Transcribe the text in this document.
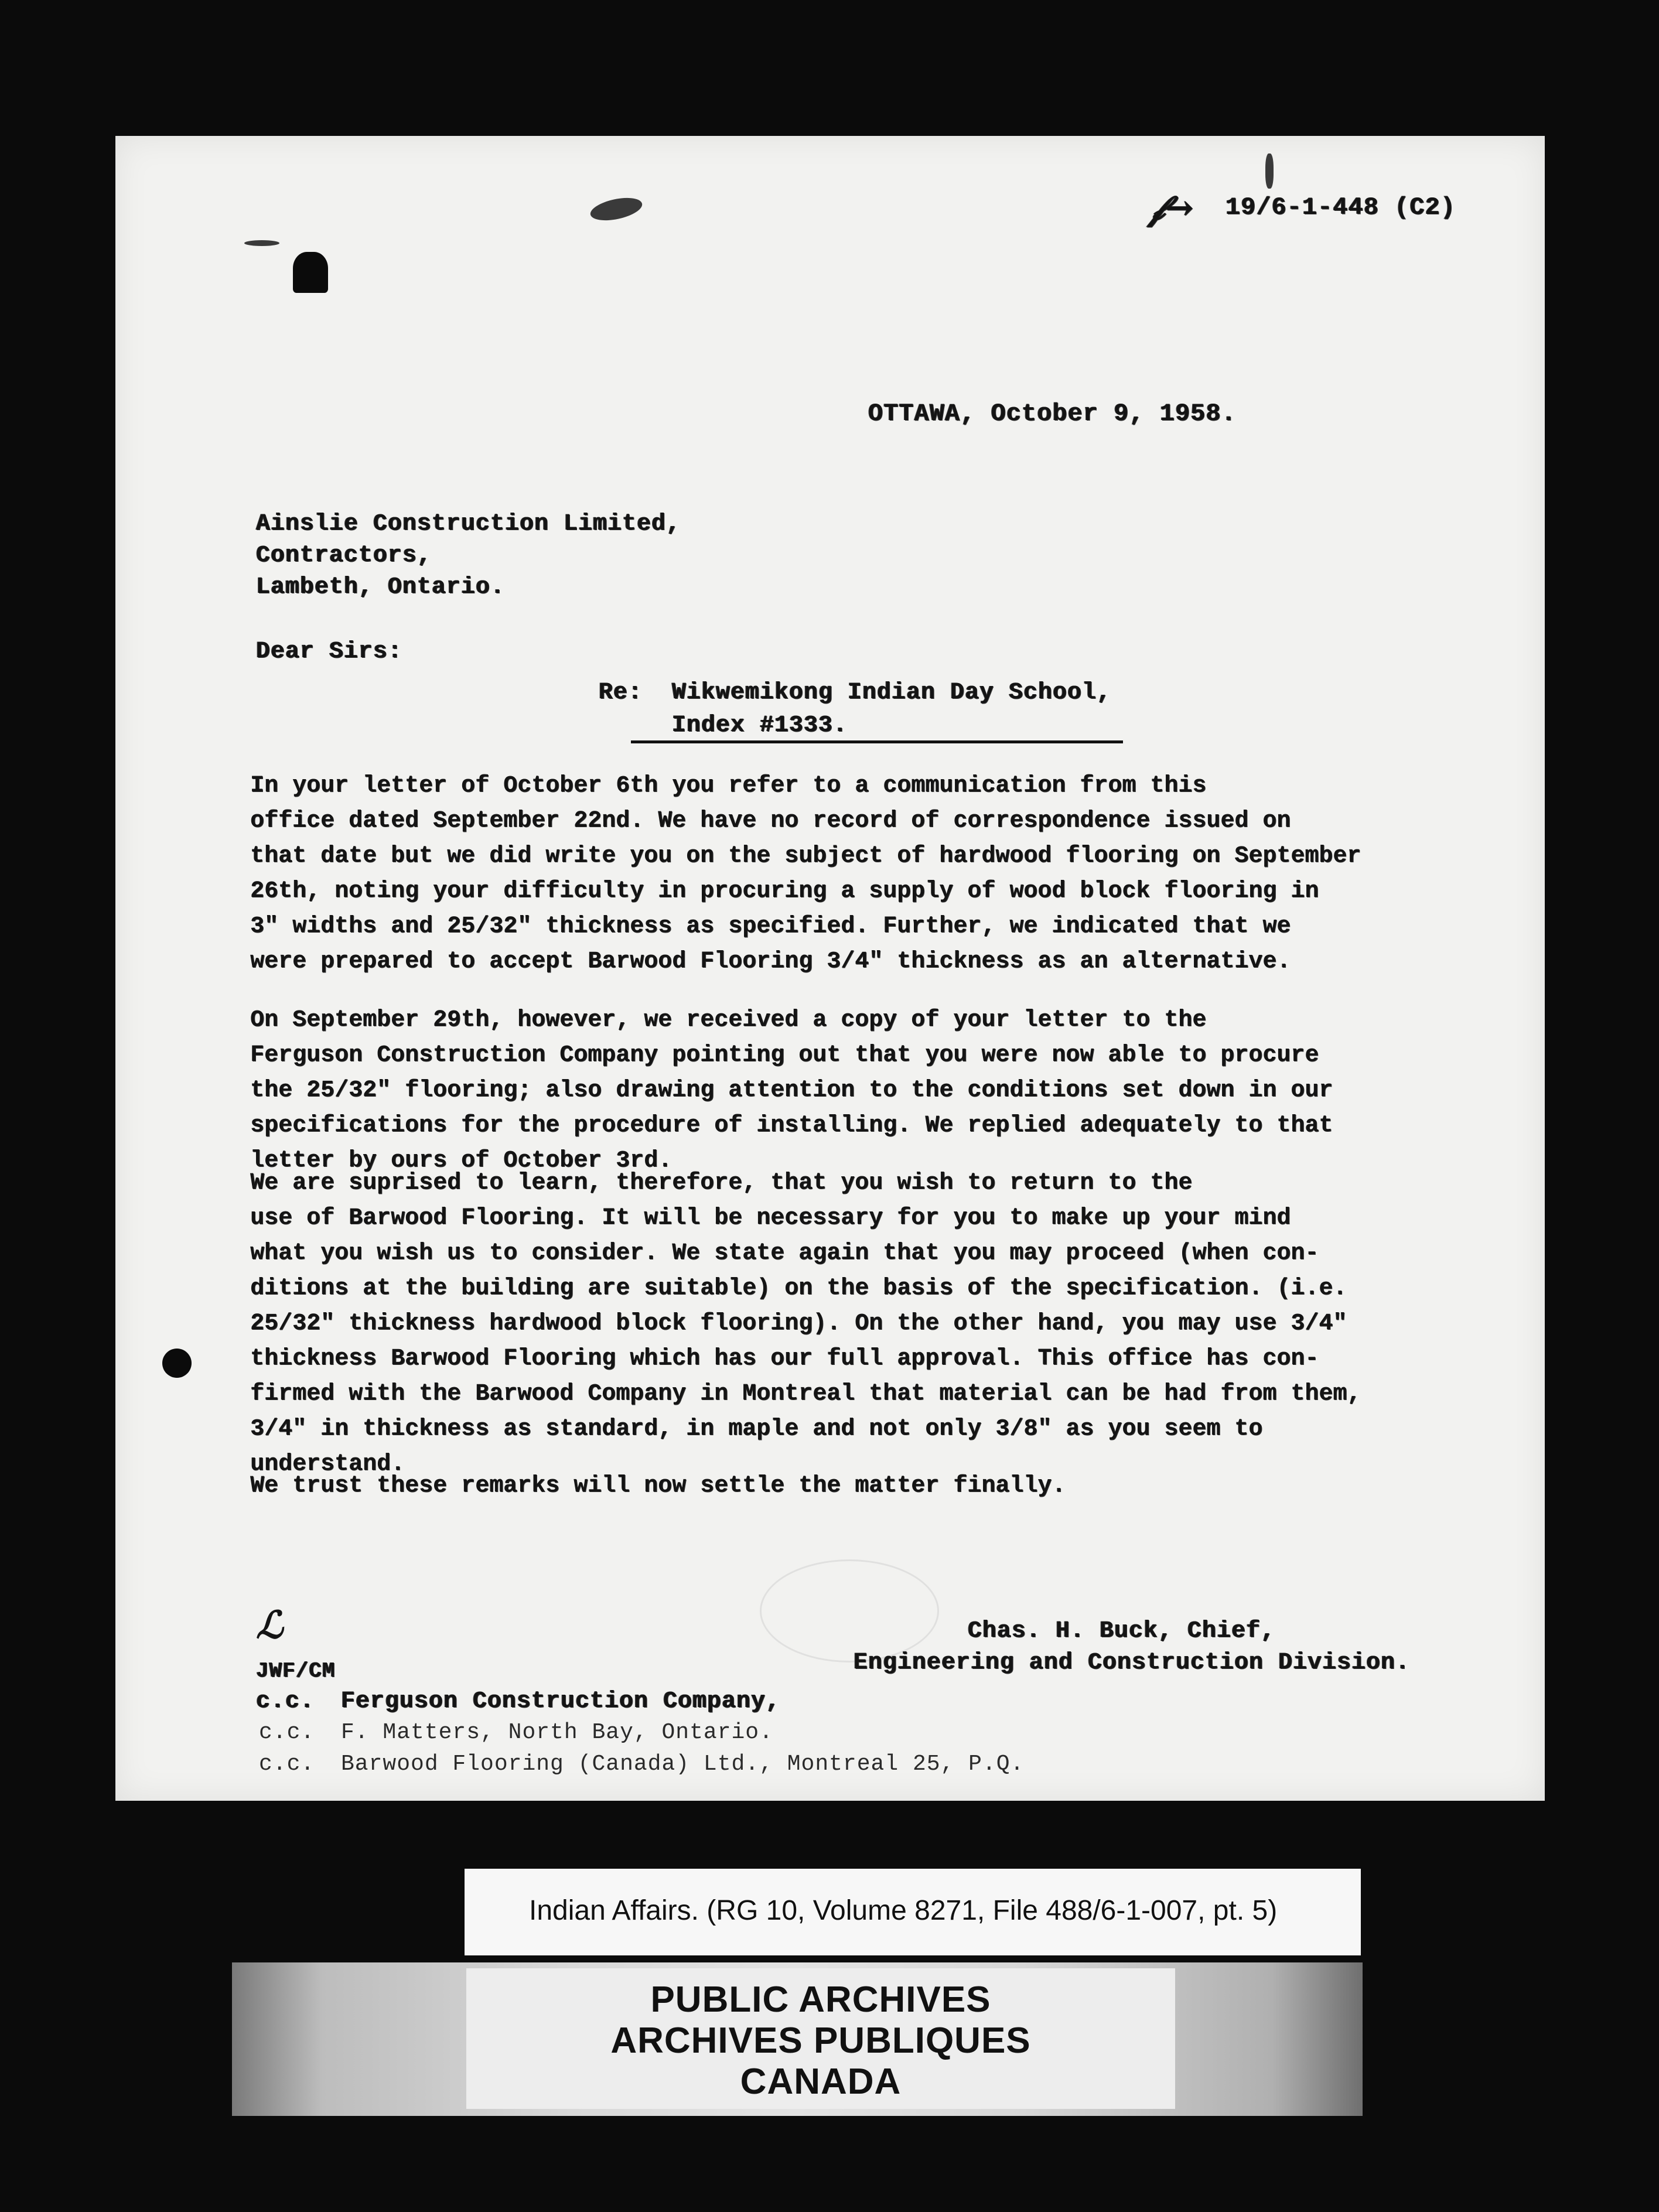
𝒻→ 19/6-1-448 (C2)
OTTAWA, October 9, 1958.
Ainslie Construction Limited,
Contractors,
Lambeth, Ontario.
Dear Sirs:
Re: Wikwemikong Indian Day School,
Index #1333.
In your letter of October 6th you refer to a communication from this
office dated September 22nd. We have no record of correspondence issued on
that date but we did write you on the subject of hardwood flooring on September
26th, noting your difficulty in procuring a supply of wood block flooring in
3" widths and 25/32" thickness as specified. Further, we indicated that we
were prepared to accept Barwood Flooring 3/4" thickness as an alternative.
On September 29th, however, we received a copy of your letter to the
Ferguson Construction Company pointing out that you were now able to procure
the 25/32" flooring; also drawing attention to the conditions set down in our
specifications for the procedure of installing. We replied adequately to that
letter by ours of October 3rd.
We are suprised to learn, therefore, that you wish to return to the
use of Barwood Flooring. It will be necessary for you to make up your mind
what you wish us to consider. We state again that you may proceed (when con-
ditions at the building are suitable) on the basis of the specification. (i.e.
25/32" thickness hardwood block flooring). On the other hand, you may use 3/4"
thickness Barwood Flooring which has our full approval. This office has con-
firmed with the Barwood Company in Montreal that material can be had from them,
3/4" in thickness as standard, in maple and not only 3/8" as you seem to
understand.
We trust these remarks will now settle the matter finally.
Chas. H. Buck, Chief,
Engineering and Construction Division.
ℒ
JWF/CM
c.c. Ferguson Construction Company,
c.c. F. Matters, North Bay, Ontario.
c.c. Barwood Flooring (Canada) Ltd., Montreal 25, P.Q.
Indian Affairs. (RG 10, Volume 8271, File 488/6-1-007, pt. 5)
PUBLIC ARCHIVES
ARCHIVES PUBLIQUES
CANADA
